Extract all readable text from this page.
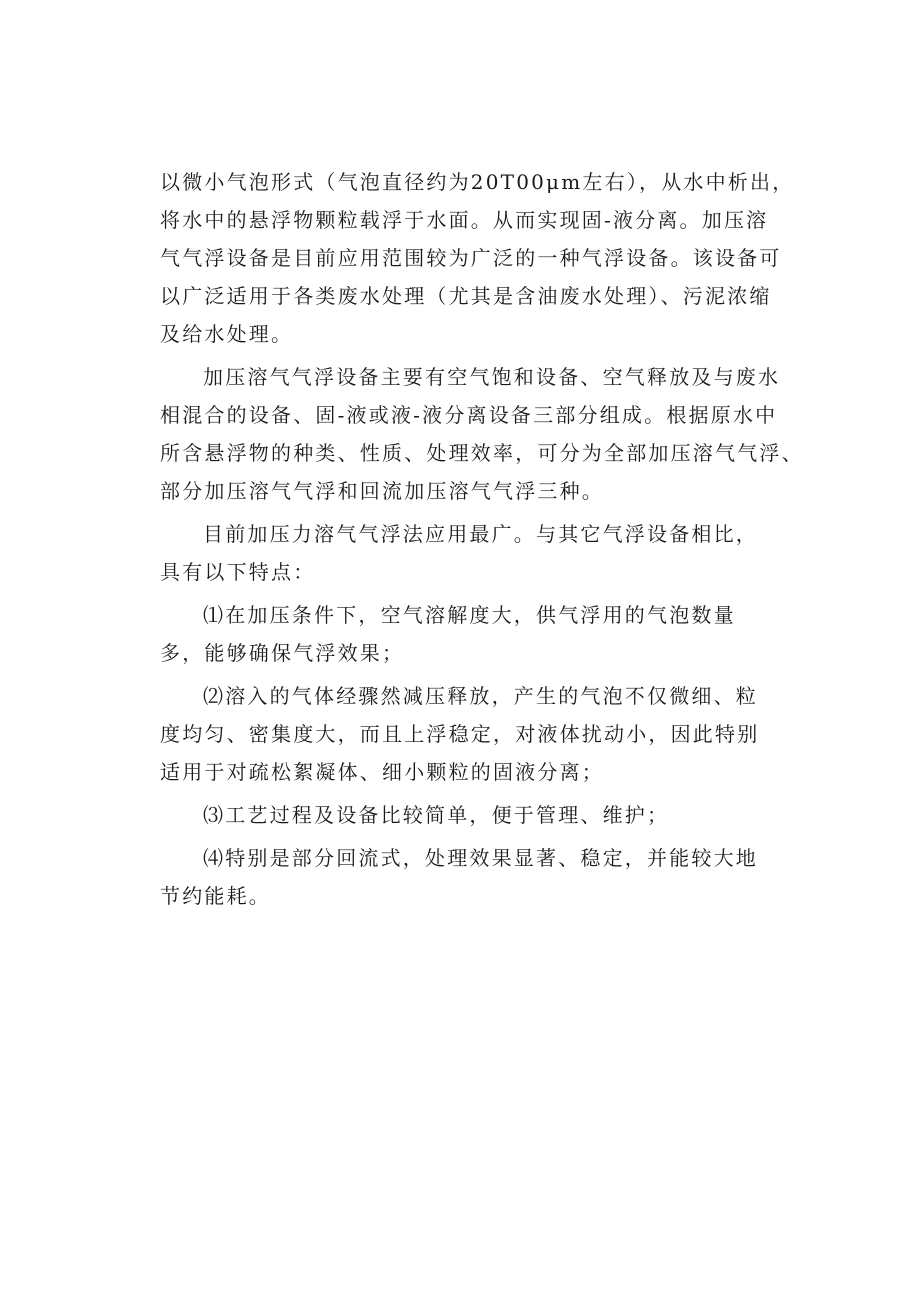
以微小气泡形式（气泡直径约为20T00μm左右），从水中析出，
将水中的悬浮物颗粒载浮于水面。从而实现固-液分离。加压溶
气气浮设备是目前应用范围较为广泛的一种气浮设备。该设备可
以广泛适用于各类废水处理（尤其是含油废水处理）、污泥浓缩
及给水处理。
加压溶气气浮设备主要有空气饱和设备、空气释放及与废水
相混合的设备、固-液或液-液分离设备三部分组成。根据原水中
所含悬浮物的种类、性质、处理效率，可分为全部加压溶气气浮、
部分加压溶气气浮和回流加压溶气气浮三种。
目前加压力溶气气浮法应用最广。与其它气浮设备相比，
具有以下特点：
⑴在加压条件下，空气溶解度大，供气浮用的气泡数量
多，能够确保气浮效果；
⑵溶入的气体经骤然减压释放，产生的气泡不仅微细、粒
度均匀、密集度大，而且上浮稳定，对液体扰动小，因此特别
适用于对疏松絮凝体、细小颗粒的固液分离；
⑶工艺过程及设备比较简单，便于管理、维护；
⑷特别是部分回流式，处理效果显著、稳定，并能较大地
节约能耗。
